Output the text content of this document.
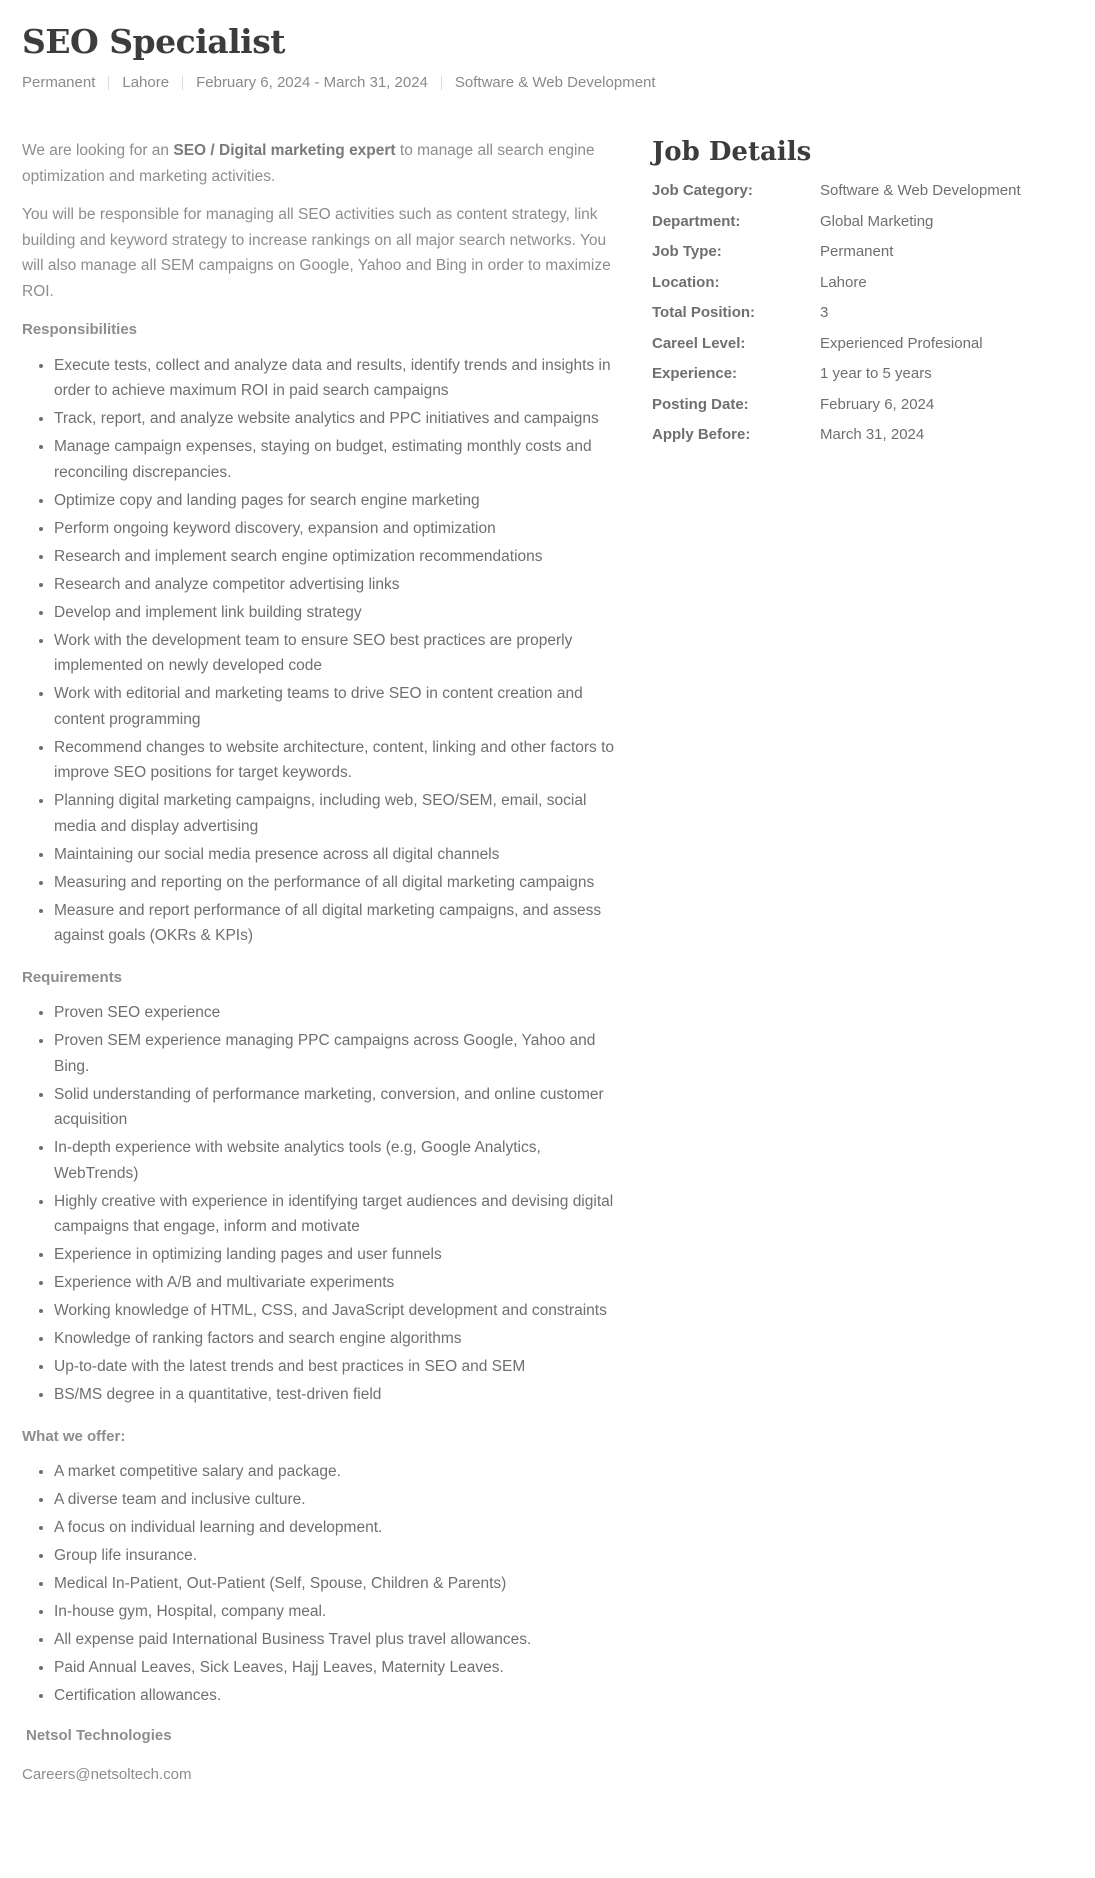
SEO Specialist
Permanent Lahore February 6, 2024 - March 31, 2024 Software & Web Development

We are looking for an SEO / Digital marketing expert to manage all search engine optimization and marketing activities.

You will be responsible for managing all SEO activities such as content strategy, link building and keyword strategy to increase rankings on all major search networks. You will also manage all SEM campaigns on Google, Yahoo and Bing in order to maximize ROI.

Responsibilities
• Execute tests, collect and analyze data and results, identify trends and insights in order to achieve maximum ROI in paid search campaigns
• Track, report, and analyze website analytics and PPC initiatives and campaigns
• Manage campaign expenses, staying on budget, estimating monthly costs and reconciling discrepancies.
• Optimize copy and landing pages for search engine marketing
• Perform ongoing keyword discovery, expansion and optimization
• Research and implement search engine optimization recommendations
• Research and analyze competitor advertising links
• Develop and implement link building strategy
• Work with the development team to ensure SEO best practices are properly implemented on newly developed code
• Work with editorial and marketing teams to drive SEO in content creation and content programming
• Recommend changes to website architecture, content, linking and other factors to improve SEO positions for target keywords.
• Planning digital marketing campaigns, including web, SEO/SEM, email, social media and display advertising
• Maintaining our social media presence across all digital channels
• Measuring and reporting on the performance of all digital marketing campaigns
• Measure and report performance of all digital marketing campaigns, and assess against goals (OKRs & KPIs)
Requirements
• Proven SEO experience
• Proven SEM experience managing PPC campaigns across Google, Yahoo and Bing.
• Solid understanding of performance marketing, conversion, and online customer acquisition
• In-depth experience with website analytics tools (e.g, Google Analytics, WebTrends)
• Highly creative with experience in identifying target audiences and devising digital campaigns that engage, inform and motivate
• Experience in optimizing landing pages and user funnels
• Experience with A/B and multivariate experiments
• Working knowledge of HTML, CSS, and JavaScript development and constraints
• Knowledge of ranking factors and search engine algorithms
• Up-to-date with the latest trends and best practices in SEO and SEM
• BS/MS degree in a quantitative, test-driven field
What we offer:
• A market competitive salary and package.
• A diverse team and inclusive culture.
• A focus on individual learning and development.
• Group life insurance.
• Medical In-Patient, Out-Patient (Self, Spouse, Children & Parents)
• In-house gym, Hospital, company meal.
• All expense paid International Business Travel plus travel allowances.
• Paid Annual Leaves, Sick Leaves, Hajj Leaves, Maternity Leaves.
• Certification allowances.
Netsol Technologies
Careers@netsoltech.com
Job Details
Job Category:	Software & Web Development
Department:	Global Marketing
Job Type:	Permanent
Location:	Lahore
Total Position:	3
Careel Level:	Experienced Profesional
Experience:	1 year to 5 years
Posting Date:	February 6, 2024
Apply Before:	March 31, 2024
